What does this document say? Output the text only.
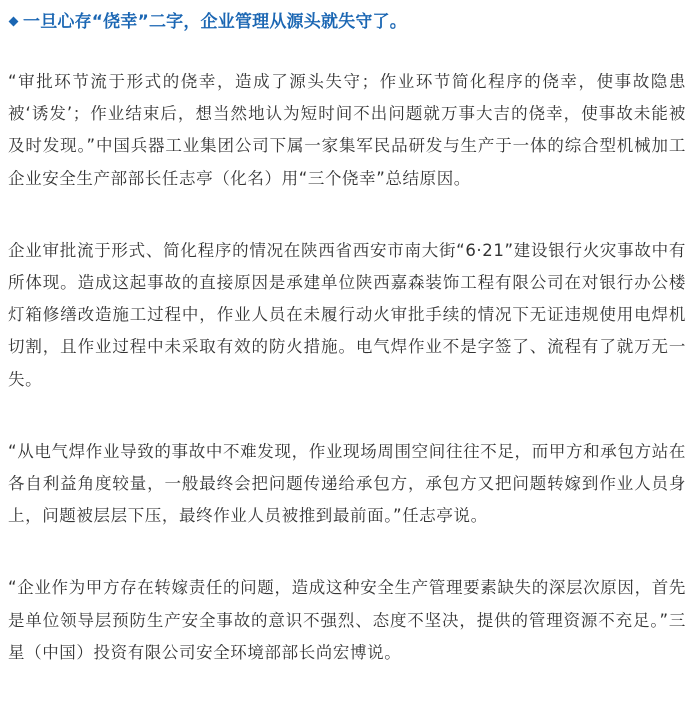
一旦心存“侥幸”二字，企业管理从源头就失守了。

“审批环节流于形式的侥幸，造成了源头失守；作业环节简化程序的侥幸，使事故隐患被‘诱发’；作业结束后，想当然地认为短时间不出问题就万事大吉的侥幸，使事故未能被及时发现。”中国兵器工业集团公司下属一家集军民品研发与生产于一体的综合型机械加工企业安全生产部部长任志亭（化名）用“三个侥幸”总结原因。

企业审批流于形式、简化程序的情况在陕西省西安市南大街“6·21”建设银行火灾事故中有所体现。造成这起事故的直接原因是承建单位陕西嘉森装饰工程有限公司在对银行办公楼灯箱修缮改造施工过程中，作业人员在未履行动火审批手续的情况下无证违规使用电焊机切割，且作业过程中未采取有效的防火措施。电气焊作业不是字签了、流程有了就万无一失。

“从电气焊作业导致的事故中不难发现，作业现场周围空间往往不足，而甲方和承包方站在各自利益角度较量，一般最终会把问题传递给承包方，承包方又把问题转嫁到作业人员身上，问题被层层下压，最终作业人员被推到最前面。”任志亭说。

“企业作为甲方存在转嫁责任的问题，造成这种安全生产管理要素缺失的深层次原因，首先是单位领导层预防生产安全事故的意识不强烈、态度不坚决，提供的管理资源不充足。”三星（中国）投资有限公司安全环境部部长尚宏博说。
